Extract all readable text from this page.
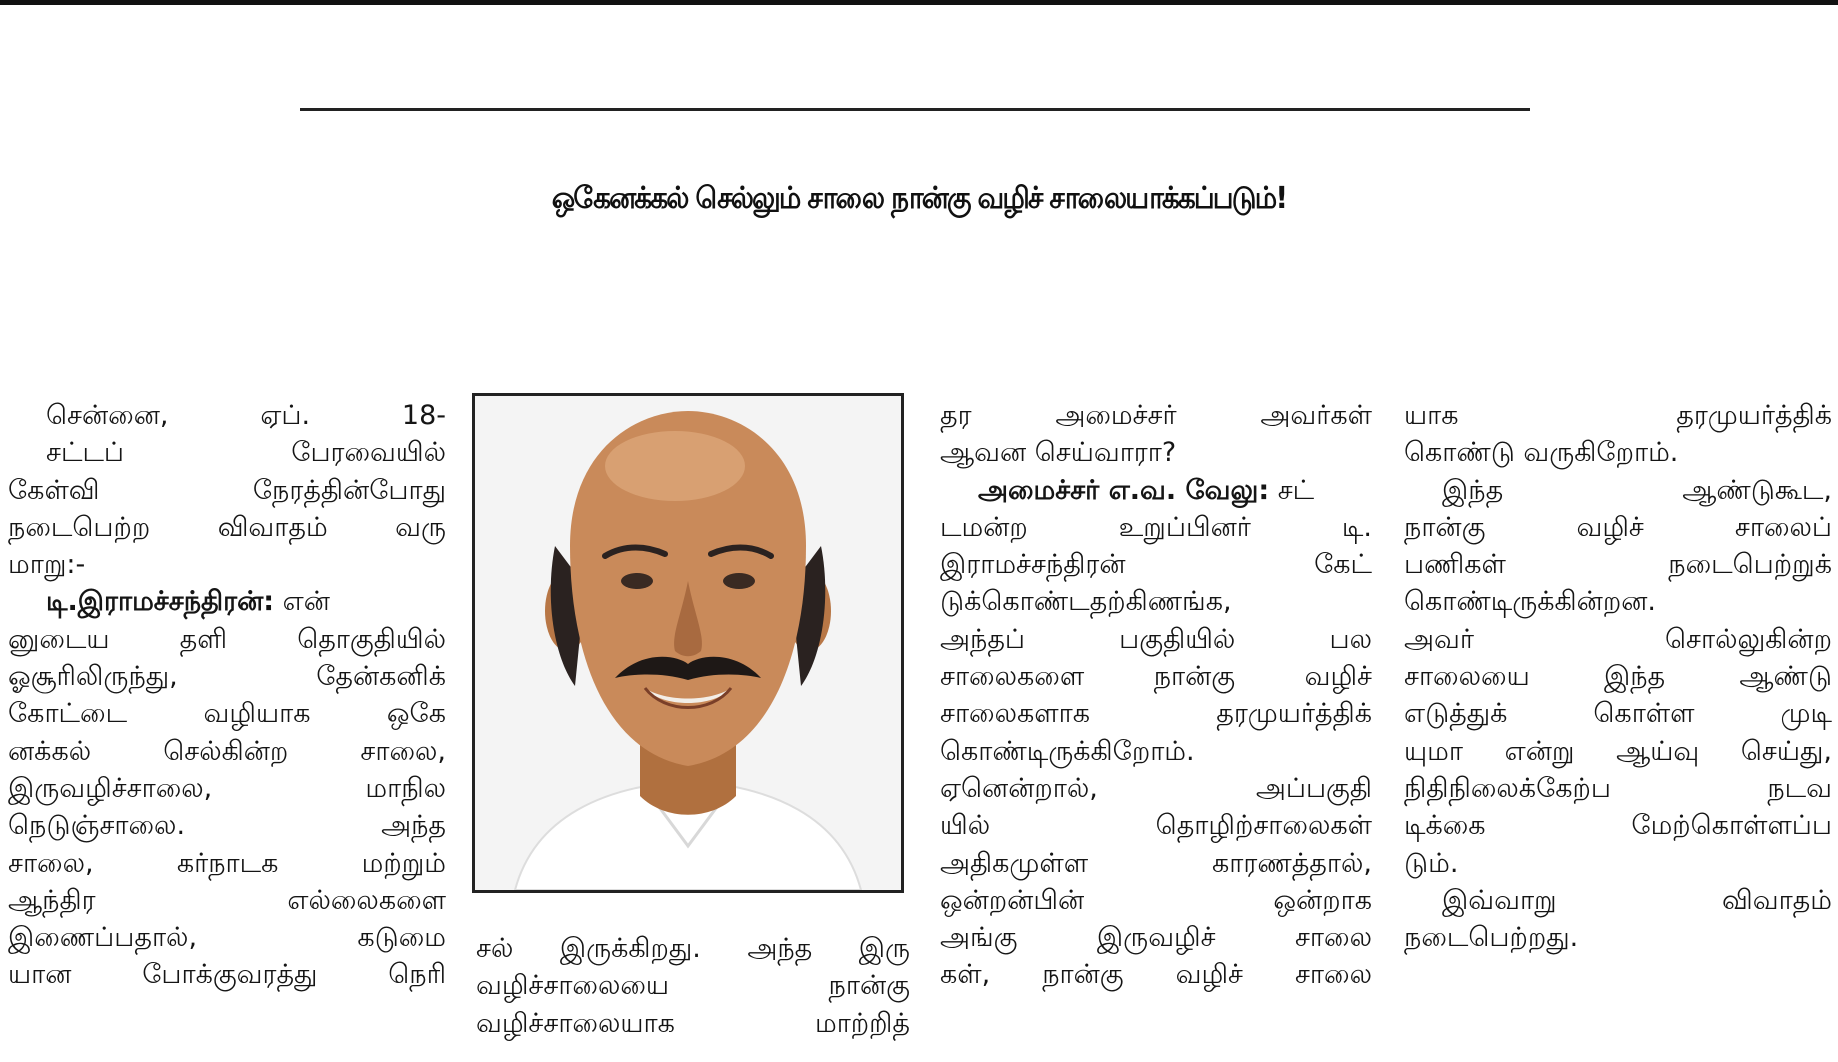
ஒகேனக்கல் செல்லும் சாலை நான்கு வழிச் சாலையாக்கப்படும்!
சென்னை, ஏப். 18-
சட்டப் பேரவையில்
கேள்வி நேரத்தின்போது
நடைபெற்ற விவாதம் வரு
மாறு:-
டி.இராமச்சந்திரன்: என்
னுடைய தளி தொகுதியில்
ஓசூரிலிருந்து, தேன்கனிக்
கோட்டை வழியாக ஒகே
னக்கல் செல்கின்ற சாலை,
இருவழிச்சாலை, மாநில
நெடுஞ்சாலை. அந்த
சாலை, கர்நாடக மற்றும்
ஆந்திர எல்லைகளை
இணைப்பதால், கடுமை
யான போக்குவரத்து நெரி
சல் இருக்கிறது. அந்த இரு
வழிச்சாலையை நான்கு
வழிச்சாலையாக மாற்றித்
தர அமைச்சர் அவர்கள்
ஆவன செய்வாரா?
அமைச்சர் எ.வ. வேலு: சட்
டமன்ற உறுப்பினர் டி.
இராமச்சந்திரன் கேட்
டுக்கொண்டதற்கிணங்க,
அந்தப் பகுதியில் பல
சாலைகளை நான்கு வழிச்
சாலைகளாக தரமுயர்த்திக்
கொண்டிருக்கிறோம்.
ஏனென்றால், அப்பகுதி
யில் தொழிற்சாலைகள்
அதிகமுள்ள காரணத்தால்,
ஒன்றன்பின் ஒன்றாக
அங்கு இருவழிச் சாலை
கள், நான்கு வழிச் சாலை
யாக தரமுயர்த்திக்
கொண்டு வருகிறோம்.
இந்த ஆண்டுகூட,
நான்கு வழிச் சாலைப்
பணிகள் நடைபெற்றுக்
கொண்டிருக்கின்றன.
அவர் சொல்லுகின்ற
சாலையை இந்த ஆண்டு
எடுத்துக் கொள்ள முடி
யுமா என்று ஆய்வு செய்து,
நிதிநிலைக்கேற்ப நடவ
டிக்கை மேற்கொள்ளப்ப
டும்.
இவ்வாறு விவாதம்
நடைபெற்றது.
